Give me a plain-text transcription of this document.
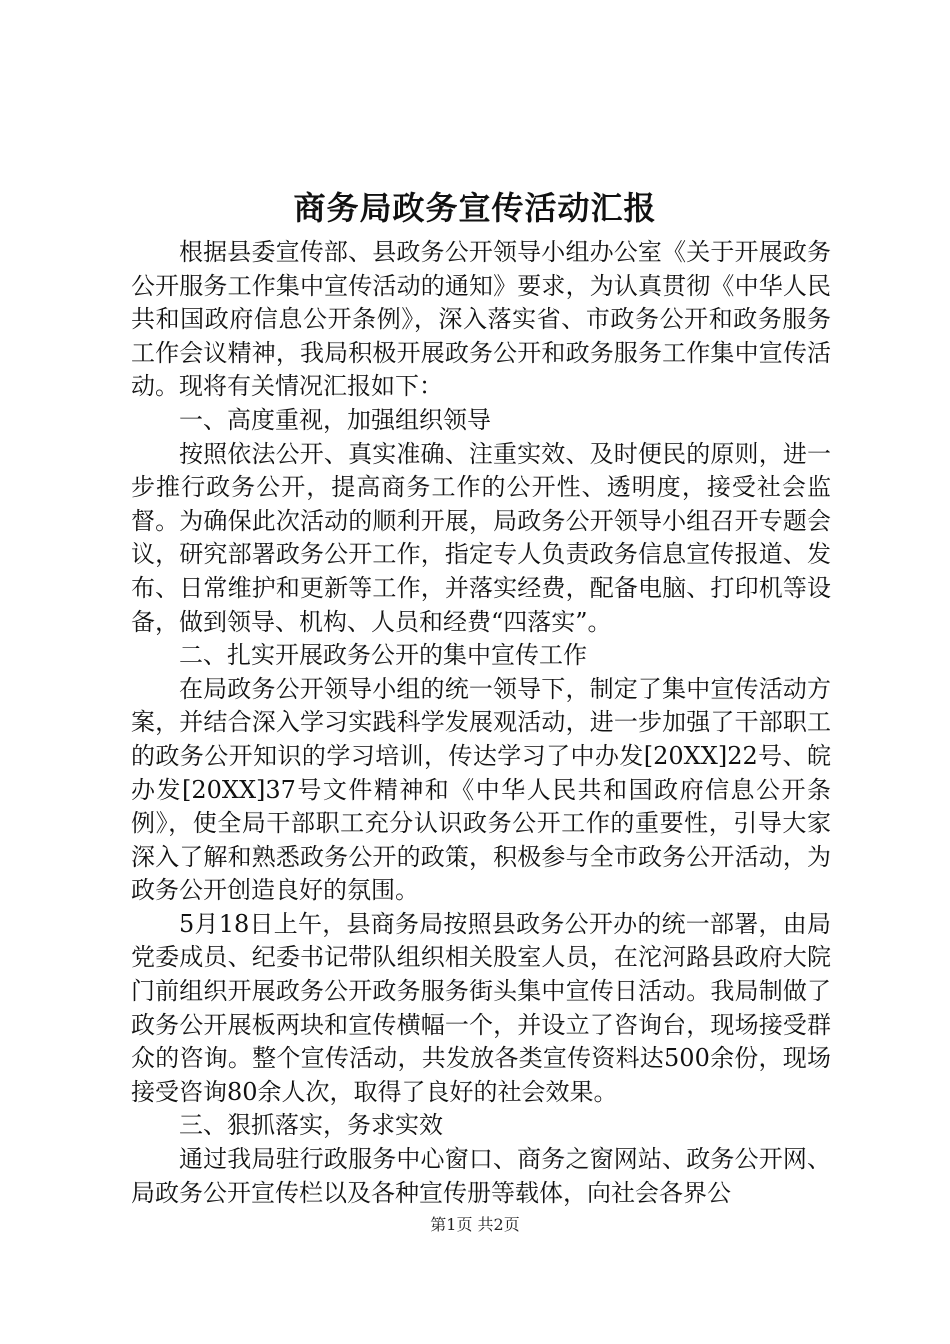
商务局政务宣传活动汇报

根据县委宣传部、县政务公开领导小组办公室《关于开展政务公开服务工作集中宣传活动的通知》要求，为认真贯彻《中华人民共和国政府信息公开条例》，深入落实省、市政务公开和政务服务工作会议精神，我局积极开展政务公开和政务服务工作集中宣传活动。现将有关情况汇报如下：

一、高度重视，加强组织领导

按照依法公开、真实准确、注重实效、及时便民的原则，进一步推行政务公开，提高商务工作的公开性、透明度，接受社会监督。为确保此次活动的顺利开展，局政务公开领导小组召开专题会议，研究部署政务公开工作，指定专人负责政务信息宣传报道、发布、日常维护和更新等工作，并落实经费，配备电脑、打印机等设备，做到领导、机构、人员和经费“四落实”。

二、扎实开展政务公开的集中宣传工作

在局政务公开领导小组的统一领导下，制定了集中宣传活动方案，并结合深入学习实践科学发展观活动，进一步加强了干部职工的政务公开知识的学习培训，传达学习了中办发[20XX]22号、皖办发[20XX]37号文件精神和《中华人民共和国政府信息公开条例》，使全局干部职工充分认识政务公开工作的重要性，引导大家深入了解和熟悉政务公开的政策，积极参与全市政务公开活动，为政务公开创造良好的氛围。

5月18日上午，县商务局按照县政务公开办的统一部署，由局党委成员、纪委书记带队组织相关股室人员，在沱河路县政府大院门前组织开展政务公开政务服务街头集中宣传日活动。我局制做了政务公开展板两块和宣传横幅一个，并设立了咨询台，现场接受群众的咨询。整个宣传活动，共发放各类宣传资料达500余份，现场接受咨询80余人次，取得了良好的社会效果。

三、狠抓落实，务求实效

通过我局驻行政服务中心窗口、商务之窗网站、政务公开网、局政务公开宣传栏以及各种宣传册等载体，向社会各界公

第1页 共2页
